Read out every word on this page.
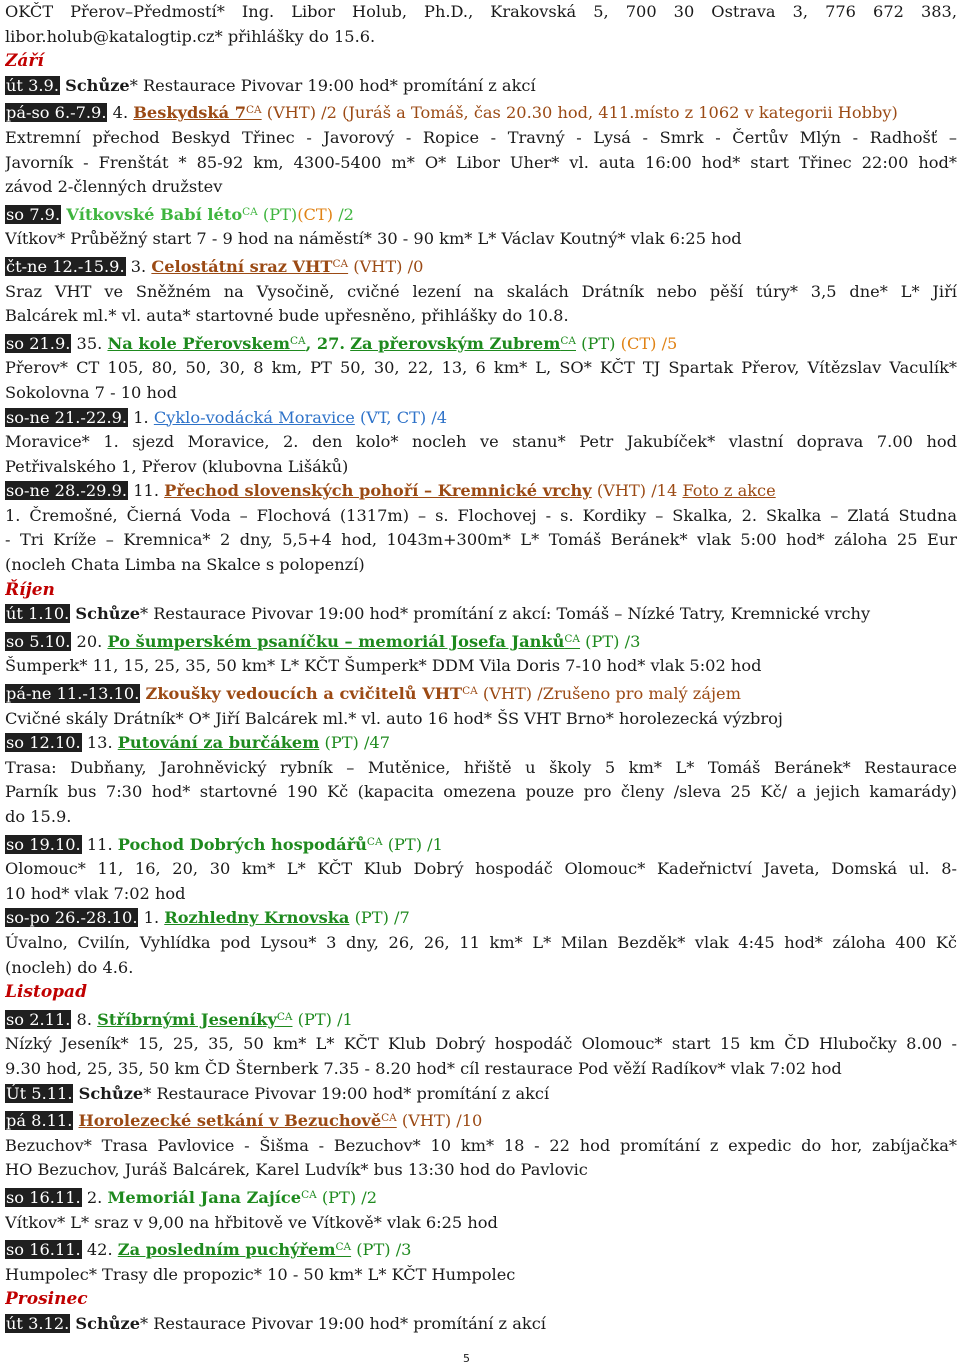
OKČT Přerov–Předmostí* Ing. Libor Holub, Ph.D., Krakovská 5, 700 30 Ostrava 3, 776 672 383,
libor.holub@katalogtip.cz* přihlášky do 15.6.
Září
út 3.9. Schůze* Restaurace Pivovar 19:00 hod* promítání z akcí
pá-so 6.-7.9. 4. Beskydská $7^{CA}$ (VHT) /2 (Juráš a Tomáš, čas 20.30 hod, 411.místo z 1062 v kategorii Hobby)
Extremní přechod Beskyd Třinec - Javorový - Ropice - Travný - Lysá - Smrk - Čertův Mlýn - Radhošť –
Javorník - Frenštát * 85-92 km, 4300-5400 m* O* Libor Uher* vl. auta 16:00 hod* start Třinec 22:00 hod*
závod 2-členných družstev
so 7.9. Vítkovské Babí léto$^{CA}$ (PT)(CT) /2
Vítkov* Průběžný start 7 - 9 hod na náměstí* 30 - 90 km* L* Václav Koutný* vlak 6:25 hod
čt-ne 12.-15.9. 3. Celostátní sraz $VHT^{CA}$ (VHT) /0
Sraz VHT ve Sněžném na Vysočině, cvičné lezení na skalách Drátník nebo pěší túry* 3,5 dne* L* Jiří
Balcárek ml.* vl. auta* startovné bude upřesněno, přihlášky do 10.8.
so 21.9. 35. Na kole Přerovskem$^{CA}$, 27. Za přerovským Zubrem$^{CA}$ (PT) (CT) /5
Přerov* CT 105, 80, 50, 30, 8 km, PT 50, 30, 22, 13, 6 km* L, SO* KČT TJ Spartak Přerov, Vítězslav Vaculík*
Sokolovna 7 - 10 hod
so-ne 21.-22.9. 1. Cyklo-vodácká Moravice (VT, CT) /4
Moravice* 1. sjezd Moravice, 2. den kolo* nocleh ve stanu* Petr Jakubíček* vlastní doprava 7.00 hod
Petřivalského 1, Přerov (klubovna Lišáků)
so-ne 28.-29.9. 11. Přechod slovenských pohoří – Kremnické vrchy (VHT) /14 Foto z akce
1. Čremošné, Čierná Voda – Flochová (1317m) – s. Flochovej - s. Kordiky – Skalka, 2. Skalka – Zlatá Studna
- Tri Kríže – Kremnica* 2 dny, 5,5+4 hod, 1043m+300m* L* Tomáš Beránek* vlak 5:00 hod* záloha 25 Eur
(nocleh Chata Limba na Skalce s polopenzí)
Říjen
út 1.10. Schůze* Restaurace Pivovar 19:00 hod* promítání z akcí: Tomáš – Nízké Tatry, Kremnické vrchy
so 5.10. 20. Po šumperském psaníčku – memoriál Josefa Janků$^{CA}$ (PT) /3
Šumperk* 11, 15, 25, 35, 50 km* L* KČT Šumperk* DDM Vila Doris 7-10 hod* vlak 5:02 hod
pá-ne 11.-13.10. Zkoušky vedoucích a cvičitelů $VHT^{CA}$ (VHT) /Zrušeno pro malý zájem
Cvičné skály Drátník* O* Jiří Balcárek ml.* vl. auto 16 hod* ŠS VHT Brno* horolezecká výzbroj
so 12.10. 13. Putování za burčákem (PT) /47
Trasa: Dubňany, Jarohněvický rybník – Mutěnice, hřiště u školy 5 km* L* Tomáš Beránek* Restaurace
Parník bus 7:30 hod* startovné 190 Kč (kapacita omezena pouze pro členy /sleva 25 Kč/ a jejich kamarády)
do 15.9.
so 19.10. 11. Pochod Dobrých hospodářů$^{CA}$ (PT) /1
Olomouc* 11, 16, 20, 30 km* L* KČT Klub Dobrý hospodáč Olomouc* Kadeřnictví Javeta, Domská ul. 8-
10 hod* vlak 7:02 hod
so-po 26.-28.10. 1. Rozhledny Krnovska (PT) /7
Úvalno, Cvilín, Vyhlídka pod Lysou* 3 dny, 26, 26, 11 km* L* Milan Bezděk* vlak 4:45 hod* záloha 400 Kč
(nocleh) do 4.6.
Listopad
so 2.11. 8. Stříbrnými Jeseníky$^{CA}$ (PT) /1
Nízký Jeseník* 15, 25, 35, 50 km* L* KČT Klub Dobrý hospodáč Olomouc* start 15 km ČD Hlubočky 8.00 -
9.30 hod, 25, 35, 50 km ČD Šternberk 7.35 - 8.20 hod* cíl restaurace Pod věží Radíkov* vlak 7:02 hod
Út 5.11. Schůze* Restaurace Pivovar 19:00 hod* promítání z akcí
pá 8.11. Horolezecké setkání v Bezuchově$^{CA}$ (VHT) /10
Bezuchov* Trasa Pavlovice - Šišma - Bezuchov* 10 km* 18 - 22 hod promítání z expedic do hor, zabíjačka*
HO Bezuchov, Juráš Balcárek, Karel Ludvík* bus 13:30 hod do Pavlovic
so 16.11. 2. Memoriál Jana Zajíce$^{CA}$ (PT) /2
Vítkov* L* sraz v 9,00 na hřbitově ve Vítkově* vlak 6:25 hod
so 16.11. 42. Za posledním puchýřem$^{CA}$ (PT) /3
Humpolec* Trasy dle propozic* 10 - 50 km* L* KČT Humpolec
Prosinec
út 3.12. Schůze* Restaurace Pivovar 19:00 hod* promítání z akcí
5
